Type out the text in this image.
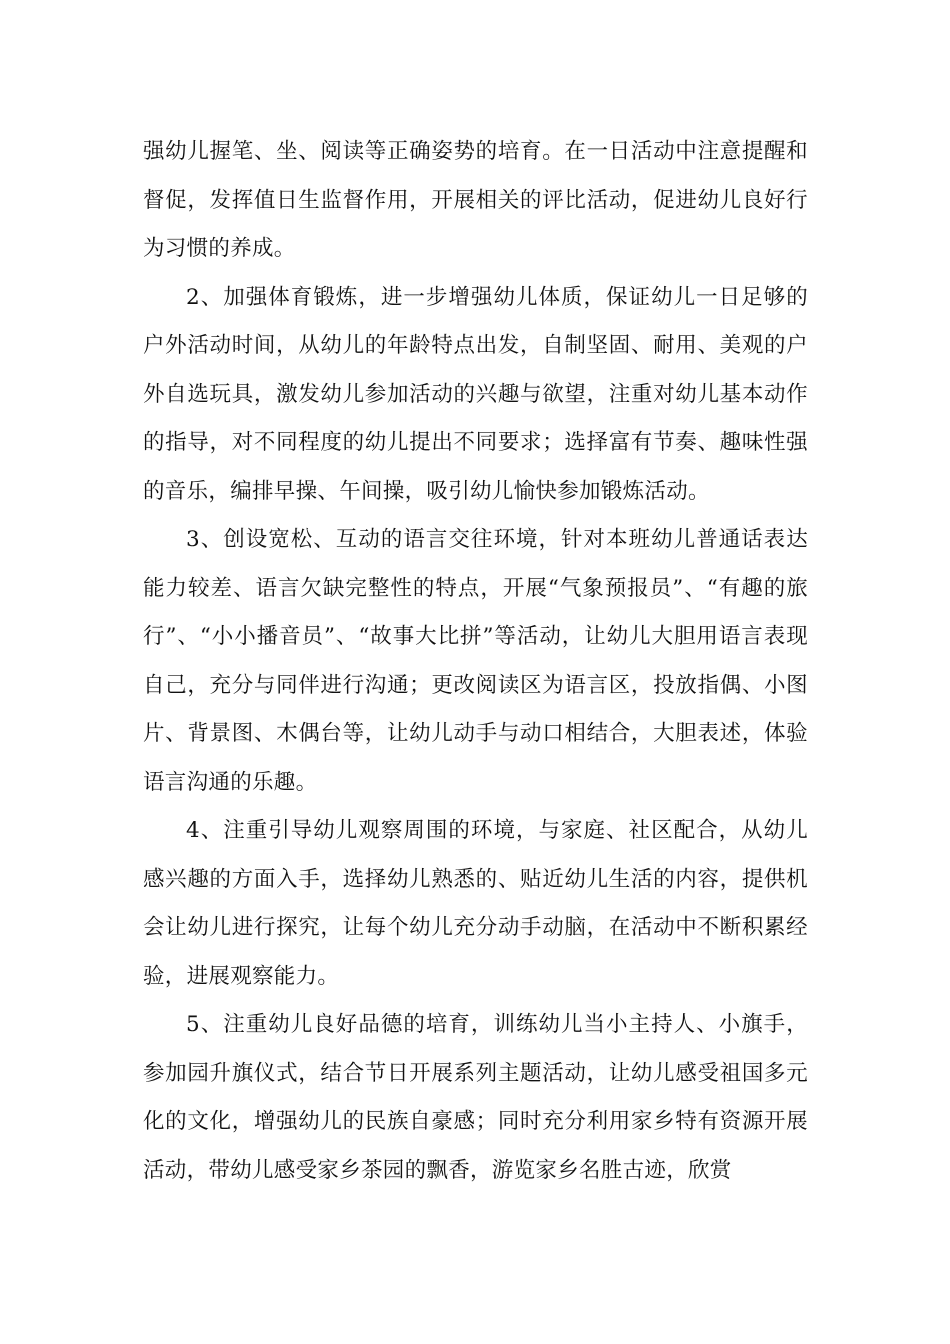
强幼儿握笔、坐、阅读等正确姿势的培育。在一日活动中注意提醒和督促，发挥值日生监督作用，开展相关的评比活动，促进幼儿良好行为习惯的养成。

2、加强体育锻炼，进一步增强幼儿体质，保证幼儿一日足够的户外活动时间，从幼儿的年龄特点出发，自制坚固、耐用、美观的户外自选玩具，激发幼儿参加活动的兴趣与欲望，注重对幼儿基本动作的指导，对不同程度的幼儿提出不同要求；选择富有节奏、趣味性强的音乐，编排早操、午间操，吸引幼儿愉快参加锻炼活动。

3、创设宽松、互动的语言交往环境，针对本班幼儿普通话表达能力较差、语言欠缺完整性的特点，开展“气象预报员”、“有趣的旅行”、“小小播音员”、“故事大比拼”等活动，让幼儿大胆用语言表现自己，充分与同伴进行沟通；更改阅读区为语言区，投放指偶、小图片、背景图、木偶台等，让幼儿动手与动口相结合，大胆表述，体验语言沟通的乐趣。

4、注重引导幼儿观察周围的环境，与家庭、社区配合，从幼儿感兴趣的方面入手，选择幼儿熟悉的、贴近幼儿生活的内容，提供机会让幼儿进行探究，让每个幼儿充分动手动脑，在活动中不断积累经验，进展观察能力。

5、注重幼儿良好品德的培育，训练幼儿当小主持人、小旗手，参加园升旗仪式，结合节日开展系列主题活动，让幼儿感受祖国多元化的文化，增强幼儿的民族自豪感；同时充分利用家乡特有资源开展活动，带幼儿感受家乡茶园的飘香，游览家乡名胜古迹，欣赏
